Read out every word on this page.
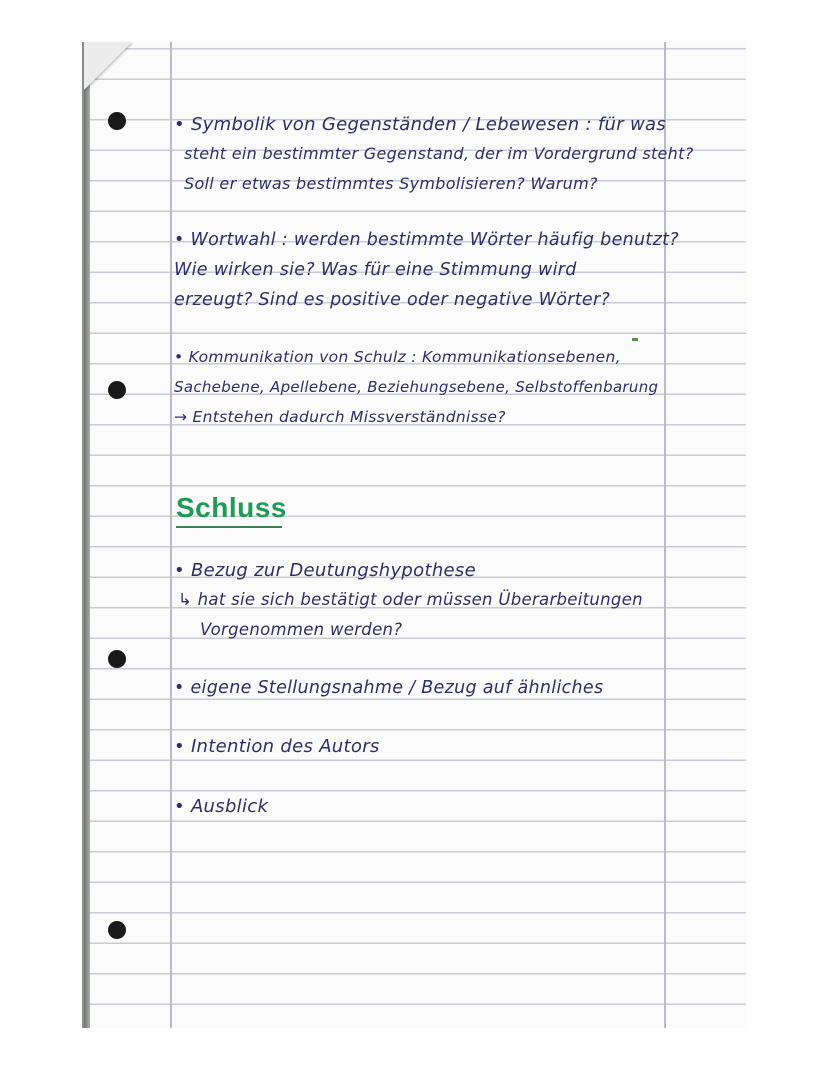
• Symbolik von Gegenständen / Lebewesen : für was
steht ein bestimmter Gegenstand, der im Vordergrund steht?
Soll er etwas bestimmtes Symbolisieren? Warum?
• Wortwahl : werden bestimmte Wörter häufig benutzt?
Wie wirken sie? Was für eine Stimmung wird
erzeugt? Sind es positive oder negative Wörter?
• Kommunikation von Schulz : Kommunikationsebenen,
Sachebene, Apellebene, Beziehungsebene, Selbstoffenbarung
→ Entstehen dadurch Missverständnisse?
Schluss
• Bezug zur Deutungshypothese
↳ hat sie sich bestätigt oder müssen Überarbeitungen
Vorgenommen werden?
• eigene Stellungsnahme / Bezug auf ähnliches
• Intention des Autors
• Ausblick
